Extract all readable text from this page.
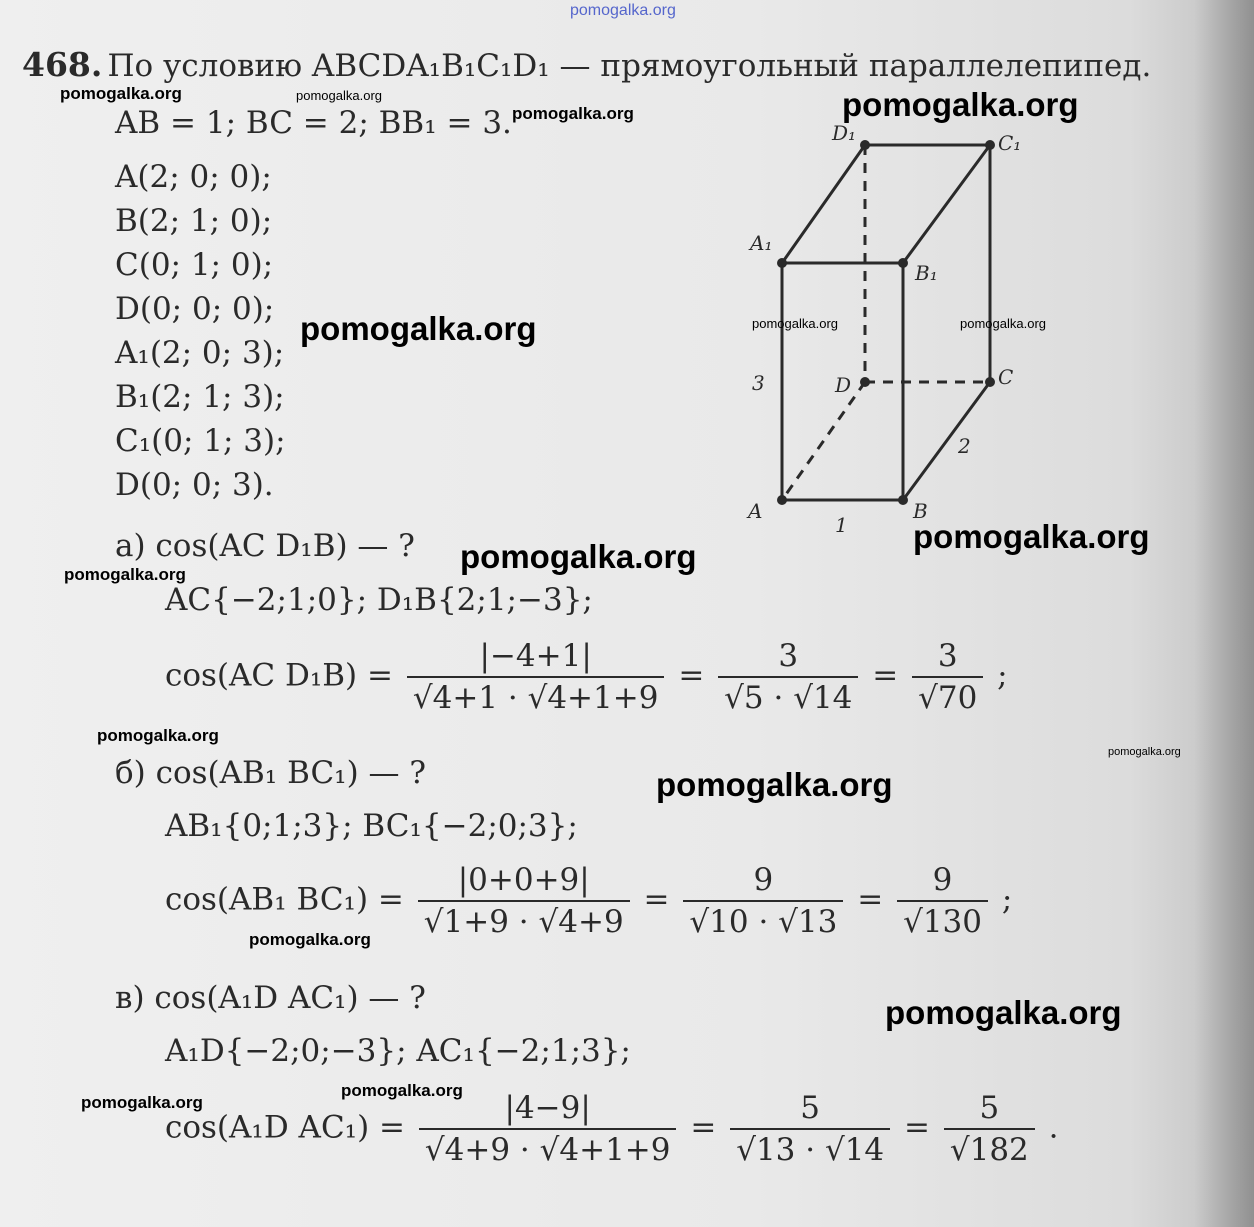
pomogalka.org
468. По условию ABCDA₁B₁C₁D₁ — прямоугольный параллелепипед.
AB = 1; BC = 2; BB₁ = 3.
A(2; 0; 0);
B(2; 1; 0);
C(0; 1; 0);
D(0; 0; 0);
A₁(2; 0; 3);
B₁(2; 1; 3);
C₁(0; 1; 3);
D(0; 0; 3).
D₁	C₁
A₁
B₁
D	C
A	B
3
2
1
а) cos(AC D₁B) — ?
AC{−2;1;0}; D₁B{2;1;−3};
cos(AC $D_1B) = \frac{|-4+1|}{√4+1 \cdot √4+1+9} = \frac{3}{√5 \cdot √14} = \frac{3}{√70}$ ;
б) cos(AB₁ BC₁) — ?
AB₁{0;1;3}; BC₁{−2;0;3};
cos(AB₁ $BC_1) = \frac{|0+0+9|}{√1+9 \cdot √4+9} = \frac{9}{√10 \cdot √13} = \frac{9}{√130}$ ;
в) cos(A₁D AC₁) — ?
A₁D{−2;0;−3}; AC₁{−2;1;3};
cos(A₁D $AC_1) = \frac{|4-9|}{√4+9 \cdot √4+1+9} = \frac{5}{√13 \cdot √14} = \frac{5}{√182}$ .
pomogalka.org	pomogalka.org
pomogalka.org	pomogalka.org
pomogalka.org	pomogalka.org	pomogalka.org
pomogalka.org
pomogalka.org
pomogalka.org
pomogalka.org
pomogalka.org
pomogalka.org
pomogalka.org
pomogalka.org
pomogalka.org
pomogalka.org
